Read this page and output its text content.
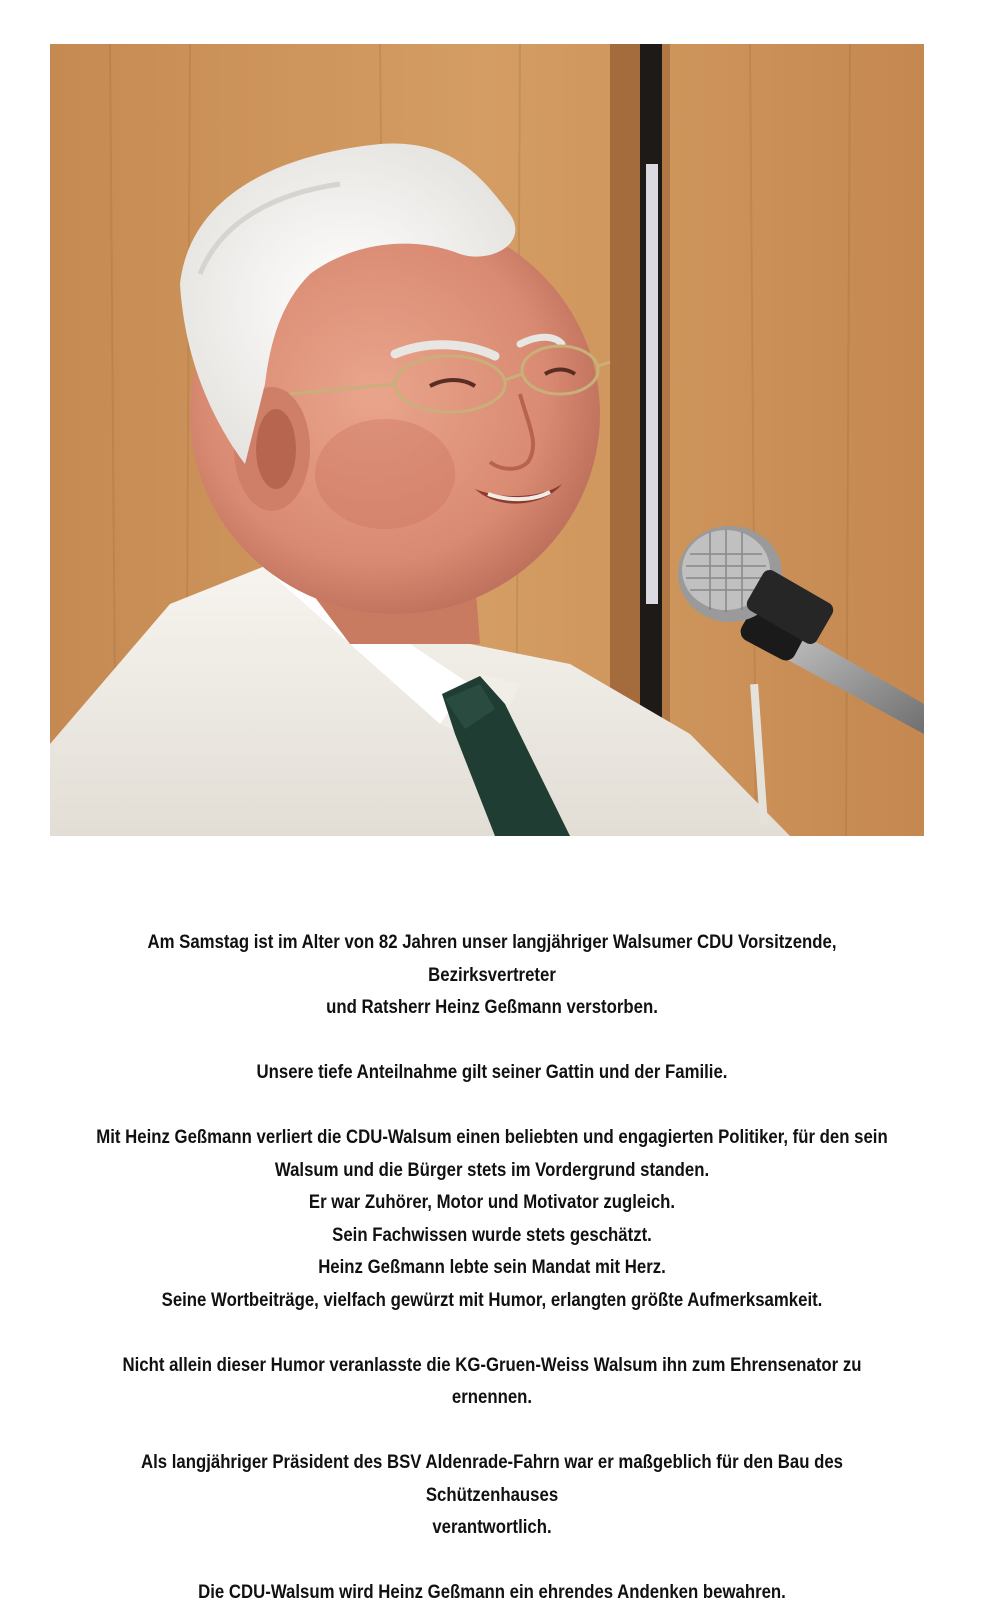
Am Samstag ist im Alter von 82 Jahren unser langjähriger Walsumer CDU Vorsitzende, Bezirksvertreter

und Ratsherr Heinz Geßmann verstorben.

Unsere tiefe Anteilnahme gilt seiner Gattin und der Familie.

Mit Heinz Geßmann verliert die CDU-Walsum einen beliebten und engagierten Politiker, für den sein

Walsum und die Bürger stets im Vordergrund standen.

Er war Zuhörer, Motor und Motivator zugleich.

Sein Fachwissen wurde stets geschätzt.

Heinz Geßmann lebte sein Mandat mit Herz.

Seine Wortbeiträge, vielfach gewürzt mit Humor, erlangten größte Aufmerksamkeit.

Nicht allein dieser Humor veranlasste die KG-Gruen-Weiss Walsum ihn zum Ehrensenator zu ernennen.

Als langjähriger Präsident des BSV Aldenrade-Fahrn war er maßgeblich für den Bau des Schützenhauses

verantwortlich.

Die CDU-Walsum wird Heinz Geßmann ein ehrendes Andenken bewahren.
